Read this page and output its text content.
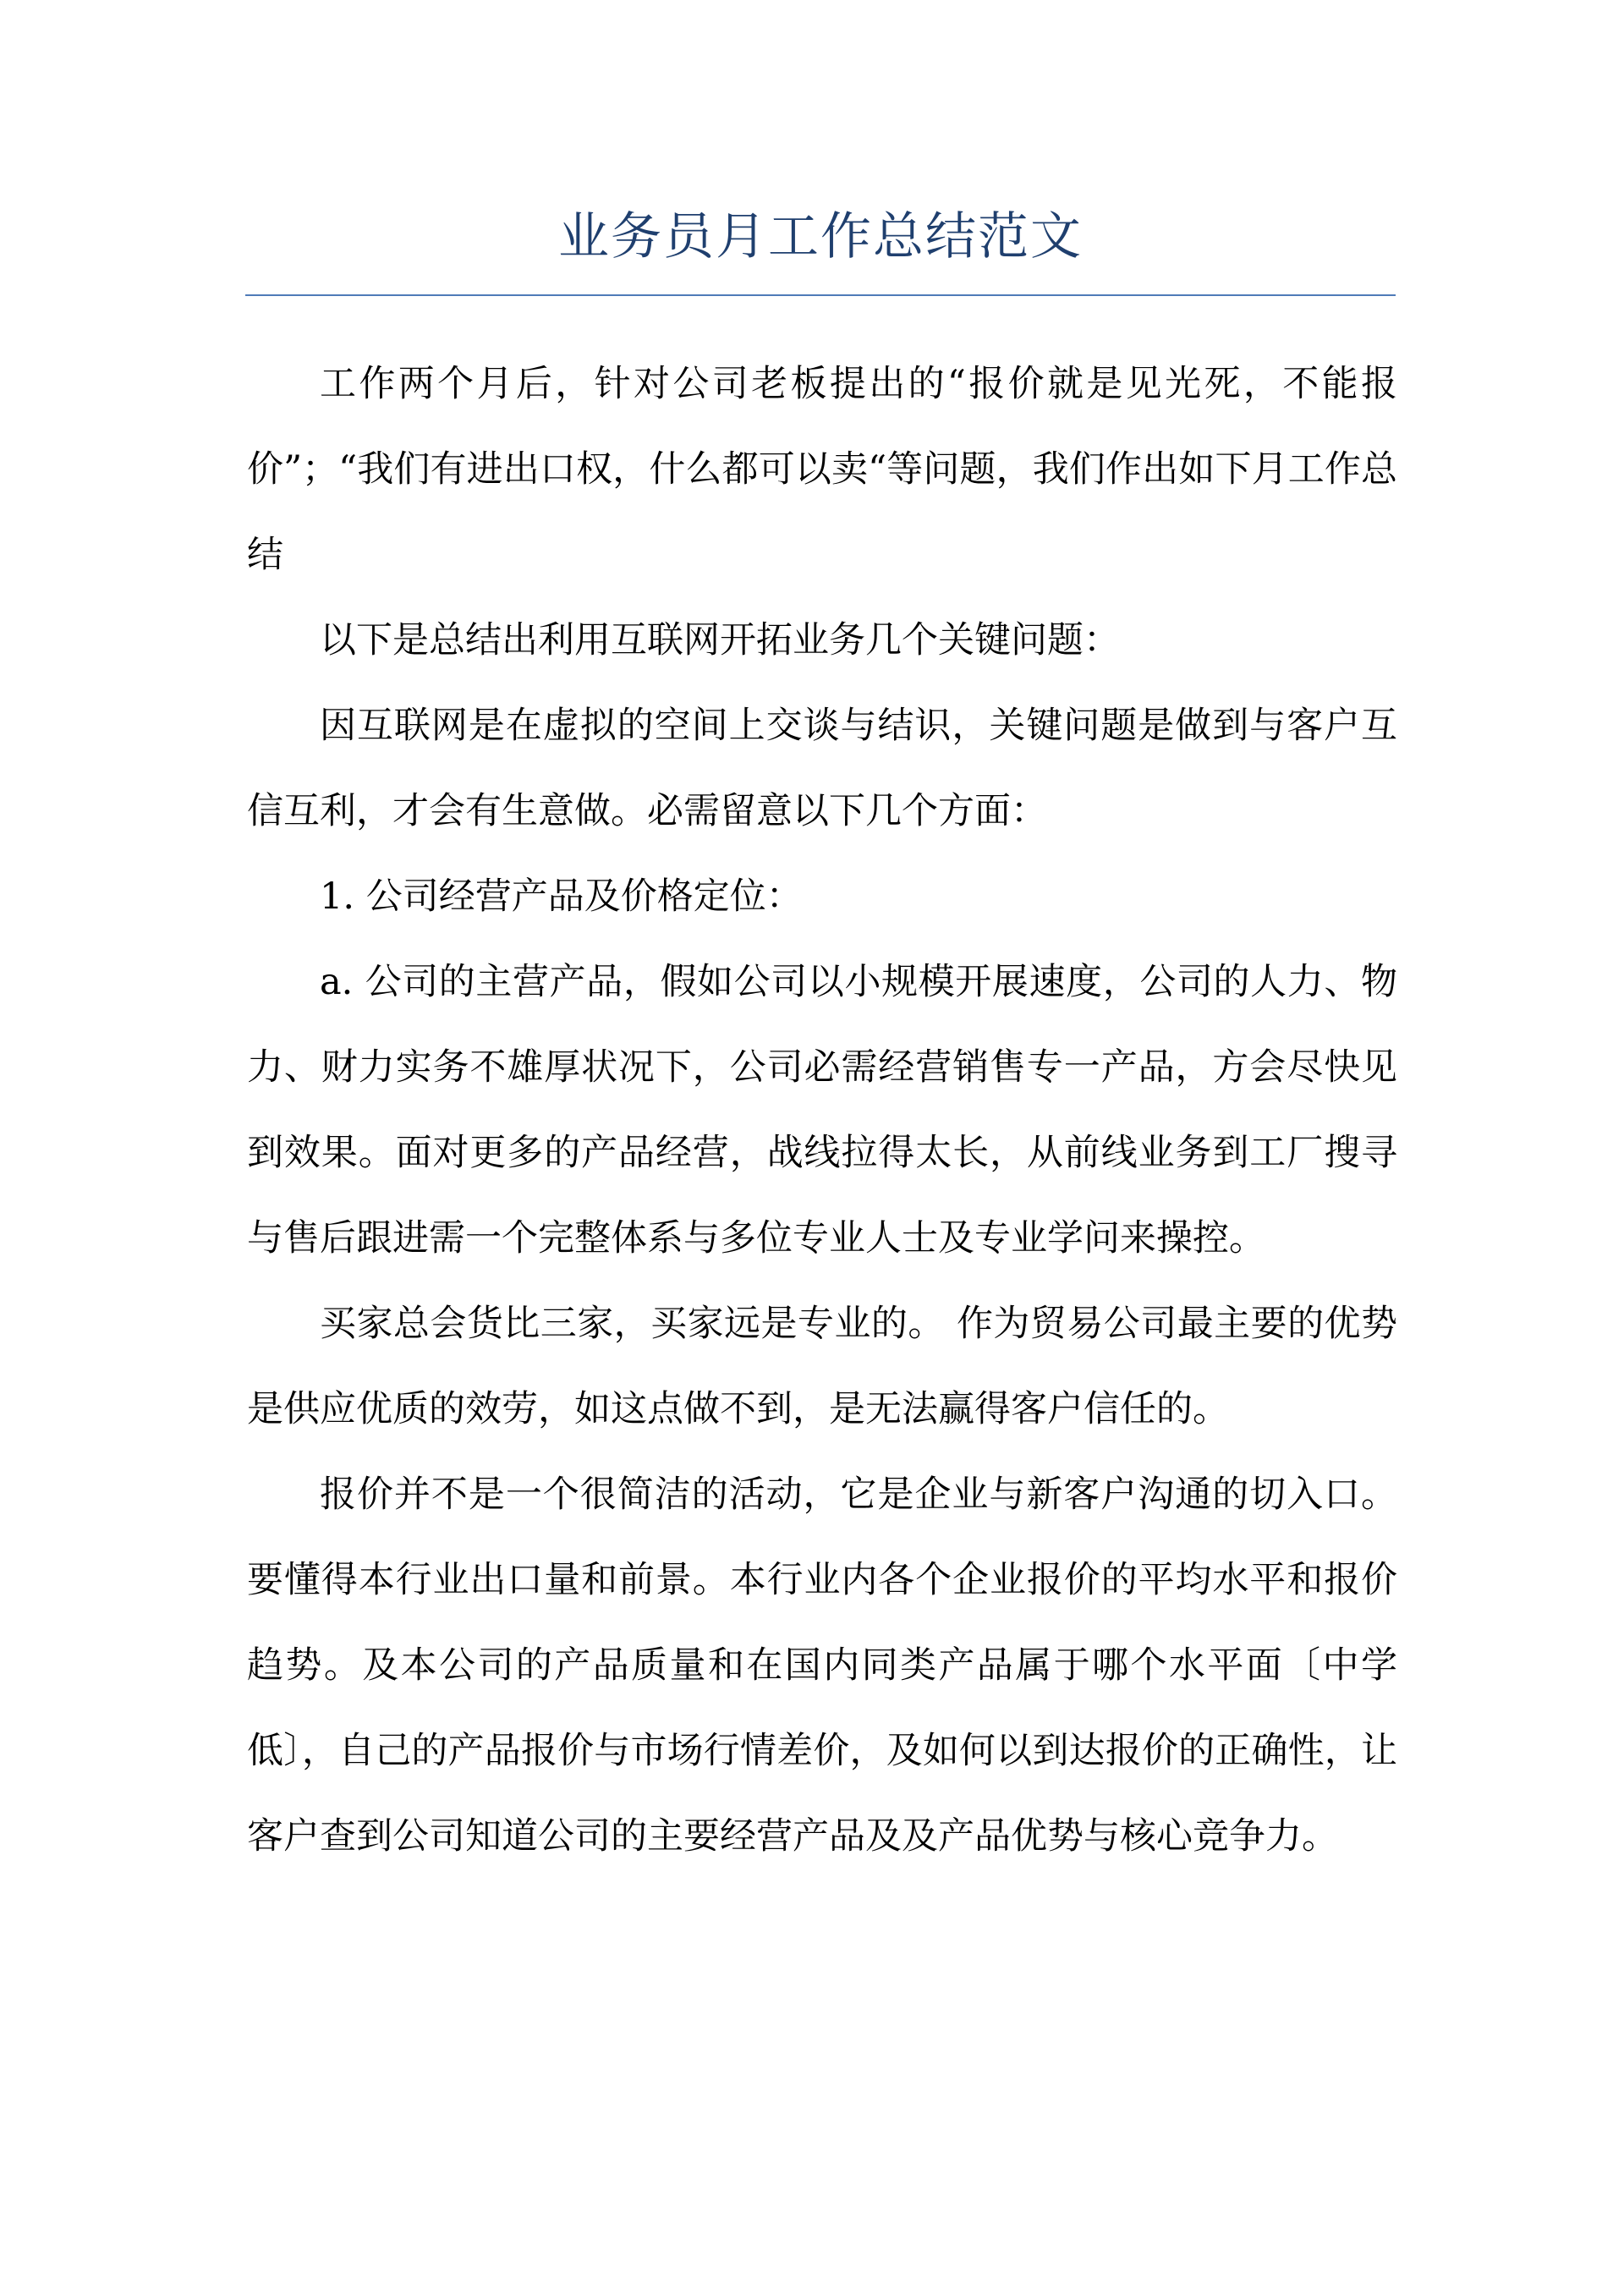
业务员月工作总结范文

工作两个月后，针对公司老板提出的“报价就是见光死，不能报价”；“我们有进出口权，什么都可以卖“等问题，我们作出如下月工作总结

以下是总结出利用互联网开拓业务几个关键问题：

因互联网是在虚拟的空间上交谈与结识，关键问题是做到与客户互信互利，才会有生意做。必需留意以下几个方面：

1. 公司经营产品及价格定位：

a. 公司的主营产品，假如公司以小规模开展速度，公司的人力、物力、财力实务不雄厚状况下，公司必需经营销售专一产品，方会尽快见到效果。面对更多的产品经营，战线拉得太长，从前线业务到工厂搜寻与售后跟进需一个完整体系与多位专业人士及专业学问来操控。

买家总会货比三家，买家远是专业的。 作为贸易公司最主要的优势是供应优质的效劳，如这点做不到，是无法赢得客户信任的。

报价并不是一个很简洁的活动，它是企业与新客户沟通的切入口。要懂得本行业出口量和前景。本行业内各个企业报价的平均水平和报价趋势。及本公司的产品质量和在国内同类产品属于哪个水平面〔中学低〕，自己的产品报价与市场行情差价，及如何以到达报价的正确性，让客户查到公司知道公司的主要经营产品及及产品优势与核心竞争力。
